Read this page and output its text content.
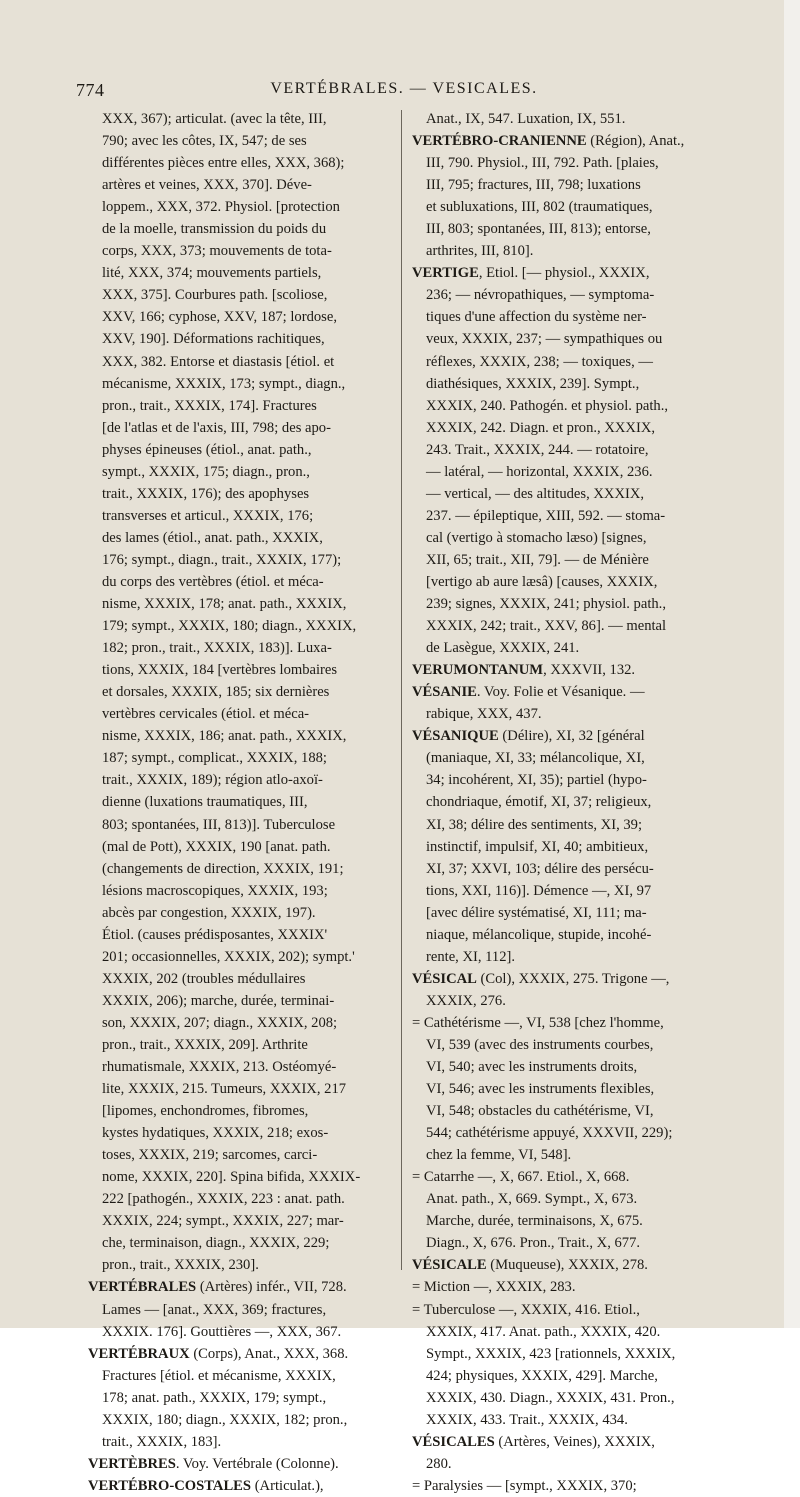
774	VERTÉBRALES. — VESICALES.
XXX, 367); articulat. (avec la tête, III,
790; avec les côtes, IX, 547; de ses
différentes pièces entre elles, XXX, 368);
artères et veines, XXX, 370]. Déve-
loppem., XXX, 372. Physiol. [protection
de la moelle, transmission du poids du
corps, XXX, 373; mouvements de tota-
lité, XXX, 374; mouvements partiels,
XXX, 375]. Courbures path. [scoliose,
XXV, 166; cyphose, XXV, 187; lordose,
XXV, 190]. Déformations rachitiques,
XXX, 382. Entorse et diastasis [étiol. et
mécanisme, XXXIX, 173; sympt., diagn.,
pron., trait., XXXIX, 174]. Fractures
[de l'atlas et de l'axis, III, 798; des apo-
physes épineuses (étiol., anat. path.,
sympt., XXXIX, 175; diagn., pron.,
trait., XXXIX, 176); des apophyses
transverses et articul., XXXIX, 176;
des lames (étiol., anat. path., XXXIX,
176; sympt., diagn., trait., XXXIX, 177);
du corps des vertèbres (étiol. et méca-
nisme, XXXIX, 178; anat. path., XXXIX,
179; sympt., XXXIX, 180; diagn., XXXIX,
182; pron., trait., XXXIX, 183)]. Luxa-
tions, XXXIX, 184 [vertèbres lombaires
et dorsales, XXXIX, 185; six dernières
vertèbres cervicales (étiol. et méca-
nisme, XXXIX, 186; anat. path., XXXIX,
187; sympt., complicat., XXXIX, 188;
trait., XXXIX, 189); région atlo-axoï-
dienne (luxations traumatiques, III,
803; spontanées, III, 813)]. Tuberculose
(mal de Pott), XXXIX, 190 [anat. path.
(changements de direction, XXXIX, 191;
lésions macroscopiques, XXXIX, 193;
abcès par congestion, XXXIX, 197).
Étiol. (causes prédisposantes, XXXIX'
201; occasionnelles, XXXIX, 202); sympt.'
XXXIX, 202 (troubles médullaires
XXXIX, 206); marche, durée, terminai-
son, XXXIX, 207; diagn., XXXIX, 208;
pron., trait., XXXIX, 209]. Arthrite
rhumatismale, XXXIX, 213. Ostéomyé-
lite, XXXIX, 215. Tumeurs, XXXIX, 217
[lipomes, enchondromes, fibromes,
kystes hydatiques, XXXIX, 218; exos-
toses, XXXIX, 219; sarcomes, carci-
nome, XXXIX, 220]. Spina bifida, XXXIX-
222 [pathogén., XXXIX, 223 : anat. path.
XXXIX, 224; sympt., XXXIX, 227; mar-
che, terminaison, diagn., XXXIX, 229;
pron., trait., XXXIX, 230].
VERTÉBRALES (Artères) infér., VII, 728.
Lames — [anat., XXX, 369; fractures,
XXXIX. 176]. Gouttières —, XXX, 367.
VERTÉBRAUX (Corps), Anat., XXX, 368.
Fractures [étiol. et mécanisme, XXXIX,
178; anat. path., XXXIX, 179; sympt.,
XXXIX, 180; diagn., XXXIX, 182; pron.,
trait., XXXIX, 183].
VERTÈBRES. Voy. Vertébrale (Colonne).
VERTÉBRO-COSTALES (Articulat.),
Anat., IX, 547. Luxation, IX, 551.
VERTÉBRO-CRANIENNE (Région), Anat.,
III, 790. Physiol., III, 792. Path. [plaies,
III, 795; fractures, III, 798; luxations
et subluxations, III, 802 (traumatiques,
III, 803; spontanées, III, 813); entorse,
arthrites, III, 810].
VERTIGE, Etiol. [— physiol., XXXIX,
236; — névropathiques, — symptoma-
tiques d'une affection du système ner-
veux, XXXIX, 237; — sympathiques ou
réflexes, XXXIX, 238; — toxiques, —
diathésiques, XXXIX, 239]. Sympt.,
XXXIX, 240. Pathogén. et physiol. path.,
XXXIX, 242. Diagn. et pron., XXXIX,
243. Trait., XXXIX, 244. — rotatoire,
— latéral, — horizontal, XXXIX, 236.
— vertical, — des altitudes, XXXIX,
237. — épileptique, XIII, 592. — stoma-
cal (vertigo à stomacho læso) [signes,
XII, 65; trait., XII, 79]. — de Ménière
[vertigo ab aure læsâ) [causes, XXXIX,
239; signes, XXXIX, 241; physiol. path.,
XXXIX, 242; trait., XXV, 86]. — mental
de Lasègue, XXXIX, 241.
VERUMONTANUM, XXXVII, 132.
VÉSANIE. Voy. Folie et Vésanique. —
rabique, XXX, 437.
VÉSANIQUE (Délire), XI, 32 [général
(maniaque, XI, 33; mélancolique, XI,
34; incohérent, XI, 35); partiel (hypo-
chondriaque, émotif, XI, 37; religieux,
XI, 38; délire des sentiments, XI, 39;
instinctif, impulsif, XI, 40; ambitieux,
XI, 37; XXVI, 103; délire des persécu-
tions, XXI, 116)]. Démence —, XI, 97
[avec délire systématisé, XI, 111; ma-
niaque, mélancolique, stupide, incohé-
rente, XI, 112].
VÉSICAL (Col), XXXIX, 275. Trigone —,
XXXIX, 276.
= Cathétérisme —, VI, 538 [chez l'homme,
VI, 539 (avec des instruments courbes,
VI, 540; avec les instruments droits,
VI, 546; avec les instruments flexibles,
VI, 548; obstacles du cathétérisme, VI,
544; cathétérisme appuyé, XXXVII, 229);
chez la femme, VI, 548].
= Catarrhe —, X, 667. Etiol., X, 668.
Anat. path., X, 669. Sympt., X, 673.
Marche, durée, terminaisons, X, 675.
Diagn., X, 676. Pron., Trait., X, 677.
VÉSICALE (Muqueuse), XXXIX, 278.
= Miction —, XXXIX, 283.
= Tuberculose —, XXXIX, 416. Etiol.,
XXXIX, 417. Anat. path., XXXIX, 420.
Sympt., XXXIX, 423 [rationnels, XXXIX,
424; physiques, XXXIX, 429]. Marche,
XXXIX, 430. Diagn., XXXIX, 431. Pron.,
XXXIX, 433. Trait., XXXIX, 434.
VÉSICALES (Artères, Veines), XXXIX,
280.
= Paralysies — [sympt., XXXIX, 370;
